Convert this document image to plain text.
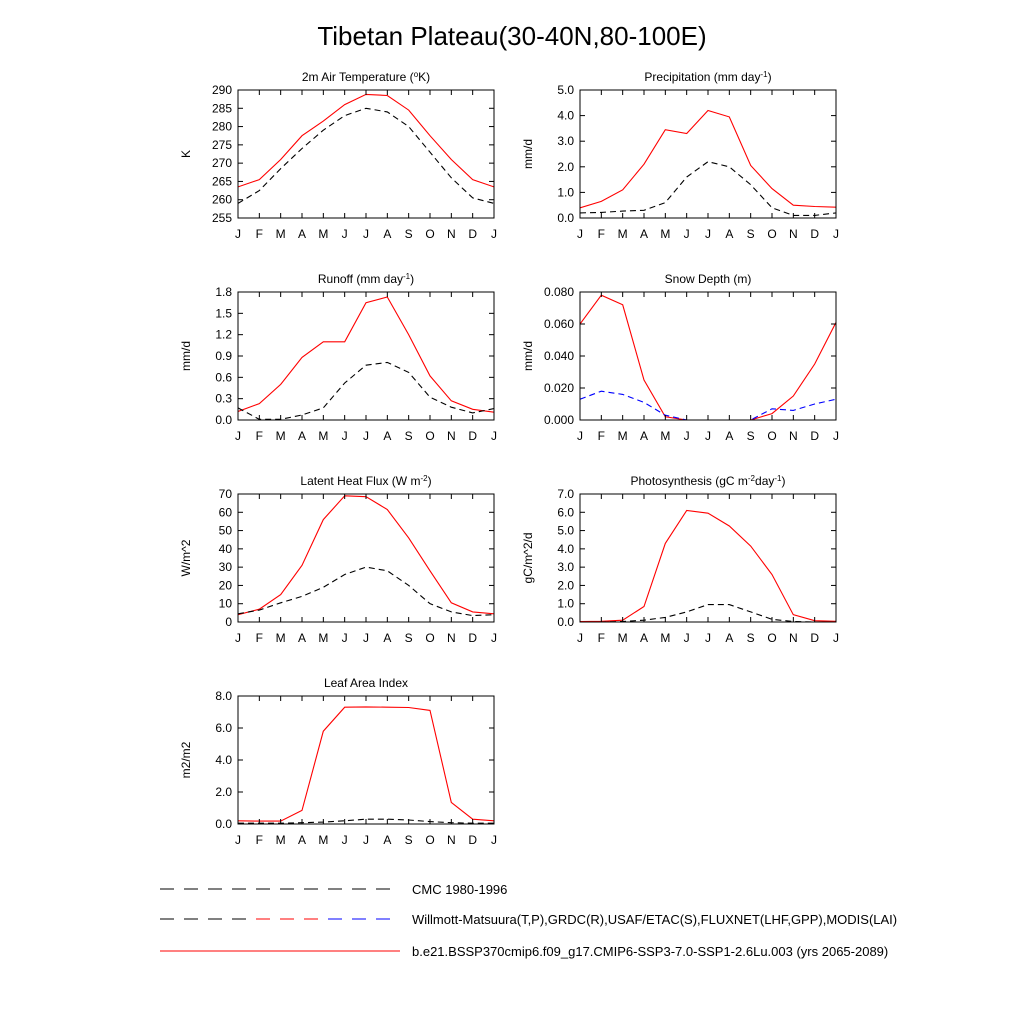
Tibetan Plateau(30-40N,80-100E)
2m Air Temperature ($^o$K)
K
J F M A M J J A S O N D J
255
260
265
270
275
280
285
290
Precipitation (mm day$^{-1}$)
mm/d
J F M A M J J A S O N D J
0.0
1.0
2.0
3.0
4.0
5.0
Runoff (mm day$^{-1}$)
mm/d
J F M A M J J A S O N D J
0.0
0.3
0.6
0.9
1.2
1.5
1.8
Snow Depth (m)
mm/d
J F M A M J J A S O N D J
0.000
0.020
0.040
0.060
0.080
Latent Heat Flux (W $m^{-2}$)
W/m^2
J F M A M J J A S O N D J
0
10
20
30
40
50
60
70
Photosynthesis (gC $m^{-2}day^{-1}$)
gC/m^2/d
J F M A M J J A S O N D J
0.0
1.0
2.0
3.0
4.0
5.0
6.0
7.0
Leaf Area Index
m2/m2
J F M A M J J A S O N D J
0.0
2.0
4.0
6.0
8.0
CMC 1980-1996
Willmott-Matsuura(T,P),GRDC(R),USAF/ETAC(S),FLUXNET(LHF,GPP),MODIS(LAI)
b.e21.BSSP370cmip6.f09_g17.CMIP6-SSP3-7.0-SSP1-2.6Lu.003 (yrs 2065-2089)
